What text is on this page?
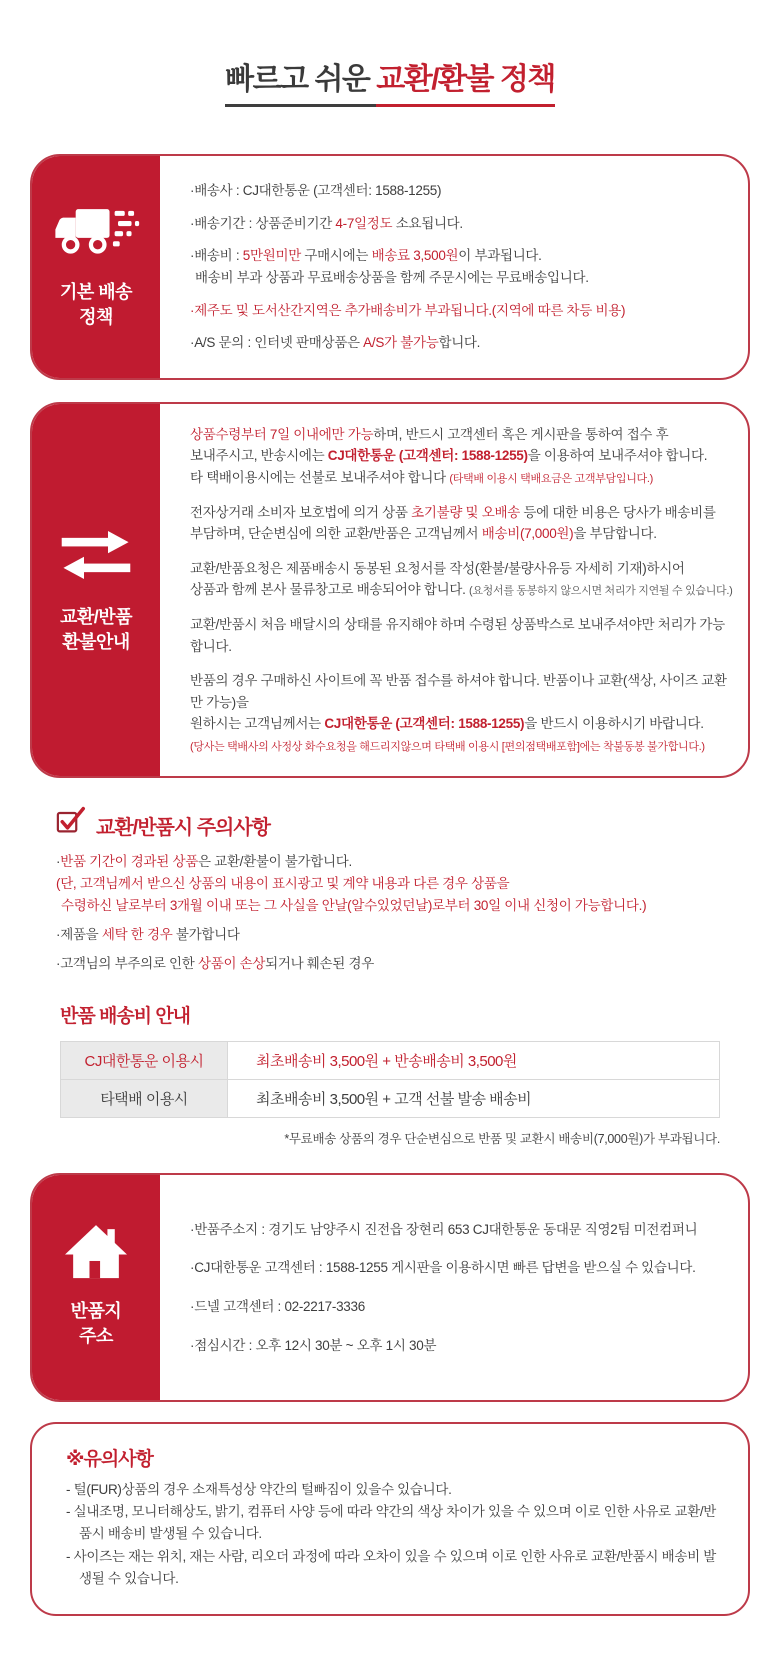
빠르고 쉬운 교환/환불 정책
기본 배송
정책
·배송사 : CJ대한통운 (고객센터: 1588-1255)
·배송기간 : 상품준비기간 4-7일정도 소요됩니다.
·배송비 : 5만원미만 구매시에는 배송료 3,500원이 부과됩니다.
배송비 부과 상품과 무료배송상품을 함께 주문시에는 무료배송입니다.
·제주도 및 도서산간지역은 추가배송비가 부과됩니다.(지역에 따른 차등 비용)
·A/S 문의 : 인터넷 판매상품은 A/S가 불가능합니다.
교환/반품
환불안내
상품수령부터 7일 이내에만 가능하며, 반드시 고객센터 혹은 게시판을 통하여 접수 후
보내주시고, 반송시에는 CJ대한통운 (고객센터: 1588-1255)을 이용하여 보내주셔야 합니다.
타 택배이용시에는 선불로 보내주셔야 합니다 (타택배 이용시 택배요금은 고객부담입니다.)
전자상거래 소비자 보호법에 의거 상품 초기불량 및 오배송 등에 대한 비용은 당사가 배송비를
부담하며, 단순변심에 의한 교환/반품은 고객님께서 배송비(7,000원)을 부담합니다.
교환/반품요청은 제품배송시 동봉된 요청서를 작성(환불/불량사유등 자세히 기재)하시어
상품과 함께 본사 물류창고로 배송되어야 합니다. (요청서를 동봉하지 않으시면 처리가 지연될 수 있습니다.)
교환/반품시 처음 배달시의 상태를 유지해야 하며 수령된 상품박스로 보내주셔야만 처리가 가능합니다.
반품의 경우 구매하신 사이트에 꼭 반품 접수를 하셔야 합니다. 반품이나 교환(색상, 사이즈 교환만 가능)을
원하시는 고객님께서는 CJ대한통운 (고객센터: 1588-1255)을 반드시 이용하시기 바랍니다.
(당사는 택배사의 사정상 화수요청을 해드리지않으며 타택배 이용시 [편의점택배포함]에는 착불동봉 불가합니다.)
교환/반품시 주의사항
·반품 기간이 경과된 상품은 교환/환불이 불가합니다.
(단, 고객님께서 받으신 상품의 내용이 표시광고 및 계약 내용과 다른 경우 상품을
수령하신 날로부터 3개월 이내 또는 그 사실을 안날(알수있었던날)로부터 30일 이내 신청이 가능합니다.)
·제품을 세탁 한 경우 불가합니다
·고객님의 부주의로 인한 상품이 손상되거나 훼손된 경우
반품 배송비 안내
CJ대한통운 이용시	최초배송비 3,500원 + 반송배송비 3,500원
타택배 이용시	최초배송비 3,500원 + 고객 선불 발송 배송비
*무료배송 상품의 경우 단순변심으로 반품 및 교환시 배송비(7,000원)가 부과됩니다.
반품지
주소
·반품주소지 : 경기도 남양주시 진전읍 장현리 653 CJ대한통운 동대문 직영2팀 미전컴퍼니
·CJ대한통운 고객센터 : 1588-1255 게시판을 이용하시면 빠른 답변을 받으실 수 있습니다.
·드넬 고객센터 : 02-2217-3336
·점심시간 : 오후 12시 30분 ~ 오후 1시 30분
※유의사항
- 털(FUR)상품의 경우 소재특성상 약간의 털빠짐이 있을수 있습니다.
- 실내조명, 모니터해상도, 밝기, 컴퓨터 사양 등에 따라 약간의 색상 차이가 있을 수 있으며 이로 인한 사유로 교환/반품시 배송비 발생될 수 있습니다.
- 사이즈는 재는 위치, 재는 사람, 리오더 과정에 따라 오차이 있을 수 있으며 이로 인한 사유로 교환/반품시 배송비 발생될 수 있습니다.
